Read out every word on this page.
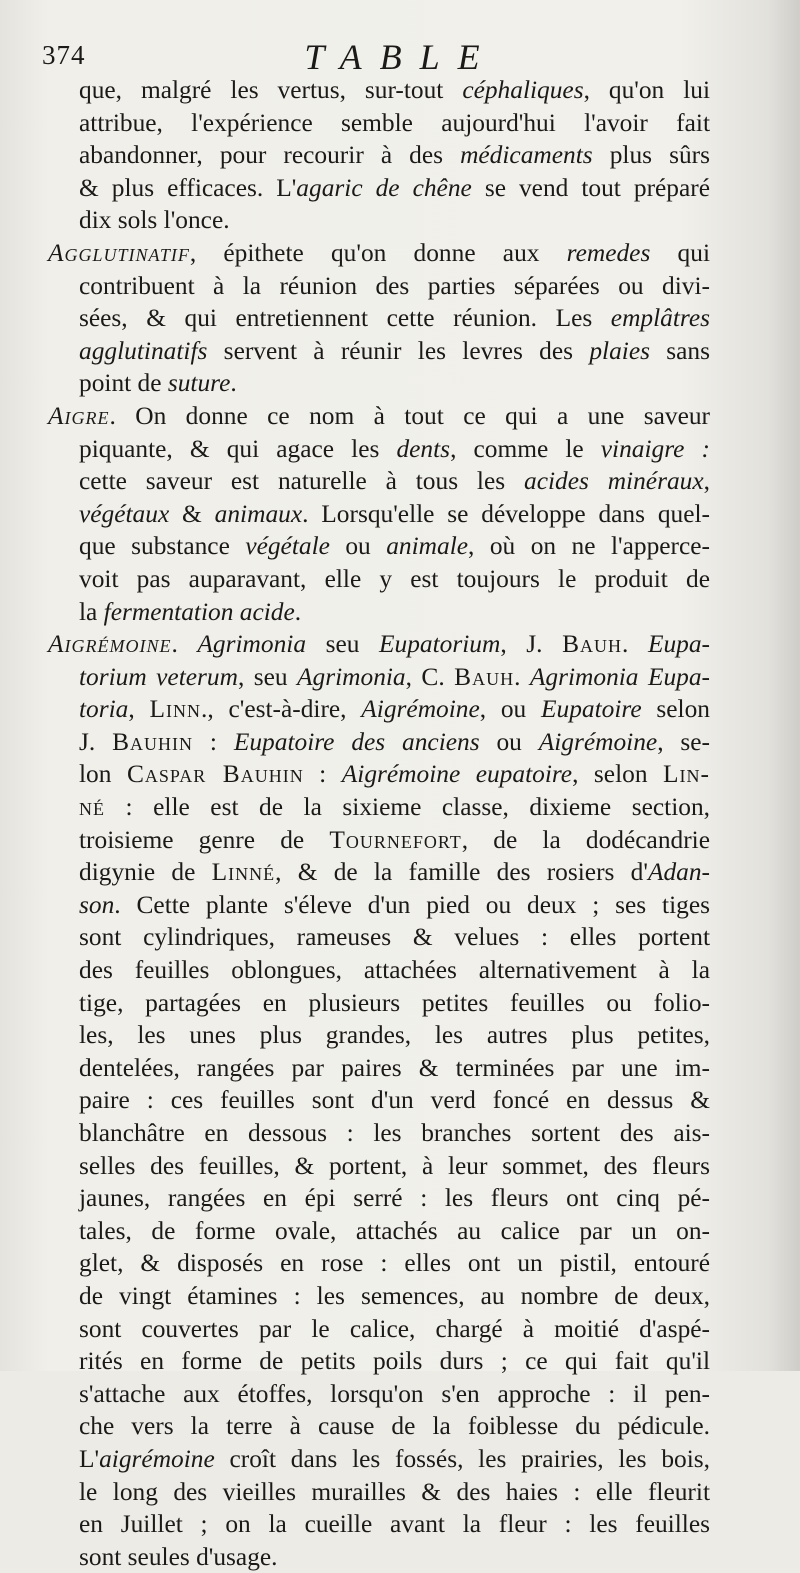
374	TABLE
que, malgré les vertus, sur-tout céphaliques, qu'on lui
attribue, l'expérience semble aujourd'hui l'avoir fait
abandonner, pour recourir à des médicaments plus sûrs
& plus efficaces. L'agaric de chêne se vend tout préparé
dix sols l'once.
Agglutinatif, épithete qu'on donne aux remedes qui
contribuent à la réunion des parties séparées ou divi-
sées, & qui entretiennent cette réunion. Les emplâtres
agglutinatifs servent à réunir les levres des plaies sans
point de suture.
Aigre. On donne ce nom à tout ce qui a une saveur
piquante, & qui agace les dents, comme le vinaigre :
cette saveur est naturelle à tous les acides minéraux,
végétaux & animaux. Lorsqu'elle se développe dans quel-
que substance végétale ou animale, où on ne l'apperce-
voit pas auparavant, elle y est toujours le produit de
la fermentation acide.
Aigrémoine. Agrimonia seu Eupatorium, J. Bauh. Eupa-
torium veterum, seu Agrimonia, C. Bauh. Agrimonia Eupa-
toria, Linn., c'est-à-dire, Aigrémoine, ou Eupatoire selon
J. Bauhin : Eupatoire des anciens ou Aigrémoine, se-
lon Caspar Bauhin : Aigrémoine eupatoire, selon Lin-
né : elle est de la sixieme classe, dixieme section,
troisieme genre de Tournefort, de la dodécandrie
digynie de Linné, & de la famille des rosiers d'Adan-
son. Cette plante s'éleve d'un pied ou deux ; ses tiges
sont cylindriques, rameuses & velues : elles portent
des feuilles oblongues, attachées alternativement à la
tige, partagées en plusieurs petites feuilles ou folio-
les, les unes plus grandes, les autres plus petites,
dentelées, rangées par paires & terminées par une im-
paire : ces feuilles sont d'un verd foncé en dessus &
blanchâtre en dessous : les branches sortent des ais-
selles des feuilles, & portent, à leur sommet, des fleurs
jaunes, rangées en épi serré : les fleurs ont cinq pé-
tales, de forme ovale, attachés au calice par un on-
glet, & disposés en rose : elles ont un pistil, entouré
de vingt étamines : les semences, au nombre de deux,
sont couvertes par le calice, chargé à moitié d'aspé-
rités en forme de petits poils durs ; ce qui fait qu'il
s'attache aux étoffes, lorsqu'on s'en approche : il pen-
che vers la terre à cause de la foiblesse du pédicule.
L'aigrémoine croît dans les fossés, les prairies, les bois,
le long des vieilles murailles & des haies : elle fleurit
en Juillet ; on la cueille avant la fleur : les feuilles
sont seules d'usage.
